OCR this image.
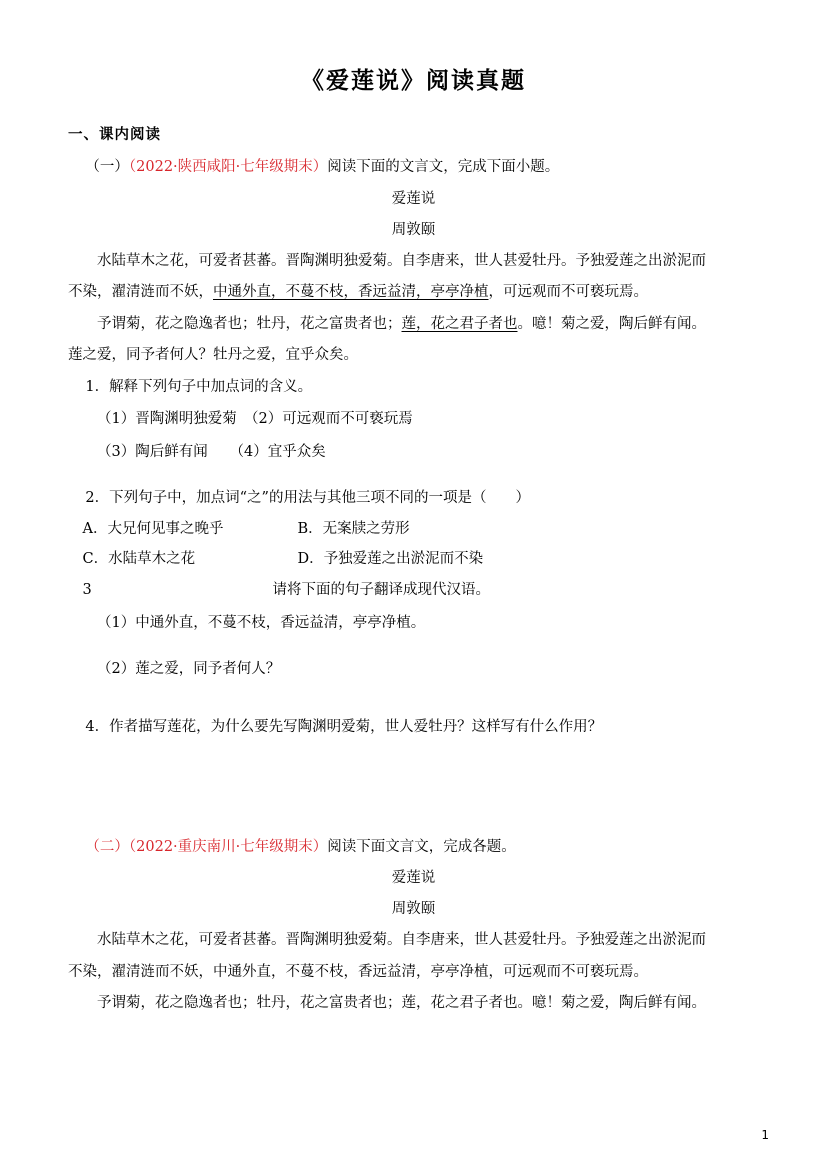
《爱莲说》阅读真题
一、课内阅读
（一）（2022·陕西咸阳·七年级期末）阅读下面的文言文，完成下面小题。
爱莲说
周敦颐
水陆草木之花，可爱者甚蕃。晋陶渊明独爱菊。自李唐来，世人甚爱牡丹。予独爱莲之出淤泥而
不染，濯清涟而不妖，中通外直，不蔓不枝，香远益清，亭亭净植，可远观而不可亵玩焉。
予谓菊，花之隐逸者也；牡丹，花之富贵者也；莲，花之君子者也。噫！菊之爱，陶后鲜有闻。
莲之爱，同予者何人？牡丹之爱，宜乎众矣。
1．解释下列句子中加点词的含义。
（1）晋陶渊明独爱菊　（2）可远观而不可亵玩焉
（3）陶后鲜有闻　　（4）宜乎众矣
2．下列句子中，加点词“之”的用法与其他三项不同的一项是（　　）
A．大兄何见事之晚乎	B．无案牍之劳形
C．水陆草木之花	D．予独爱莲之出淤泥而不染
3	请将下面的句子翻译成现代汉语。
（1）中通外直，不蔓不枝，香远益清，亭亭净植。
（2）莲之爱，同予者何人？
4．作者描写莲花，为什么要先写陶渊明爱菊，世人爱牡丹？这样写有什么作用？
（二）（2022·重庆南川·七年级期末）阅读下面文言文，完成各题。
爱莲说
周敦颐
水陆草木之花，可爱者甚蕃。晋陶渊明独爱菊。自李唐来，世人甚爱牡丹。予独爱莲之出淤泥而
不染，濯清涟而不妖，中通外直，不蔓不枝，香远益清，亭亭净植，可远观而不可亵玩焉。
予谓菊，花之隐逸者也；牡丹，花之富贵者也；莲，花之君子者也。噫！菊之爱，陶后鲜有闻。
1
